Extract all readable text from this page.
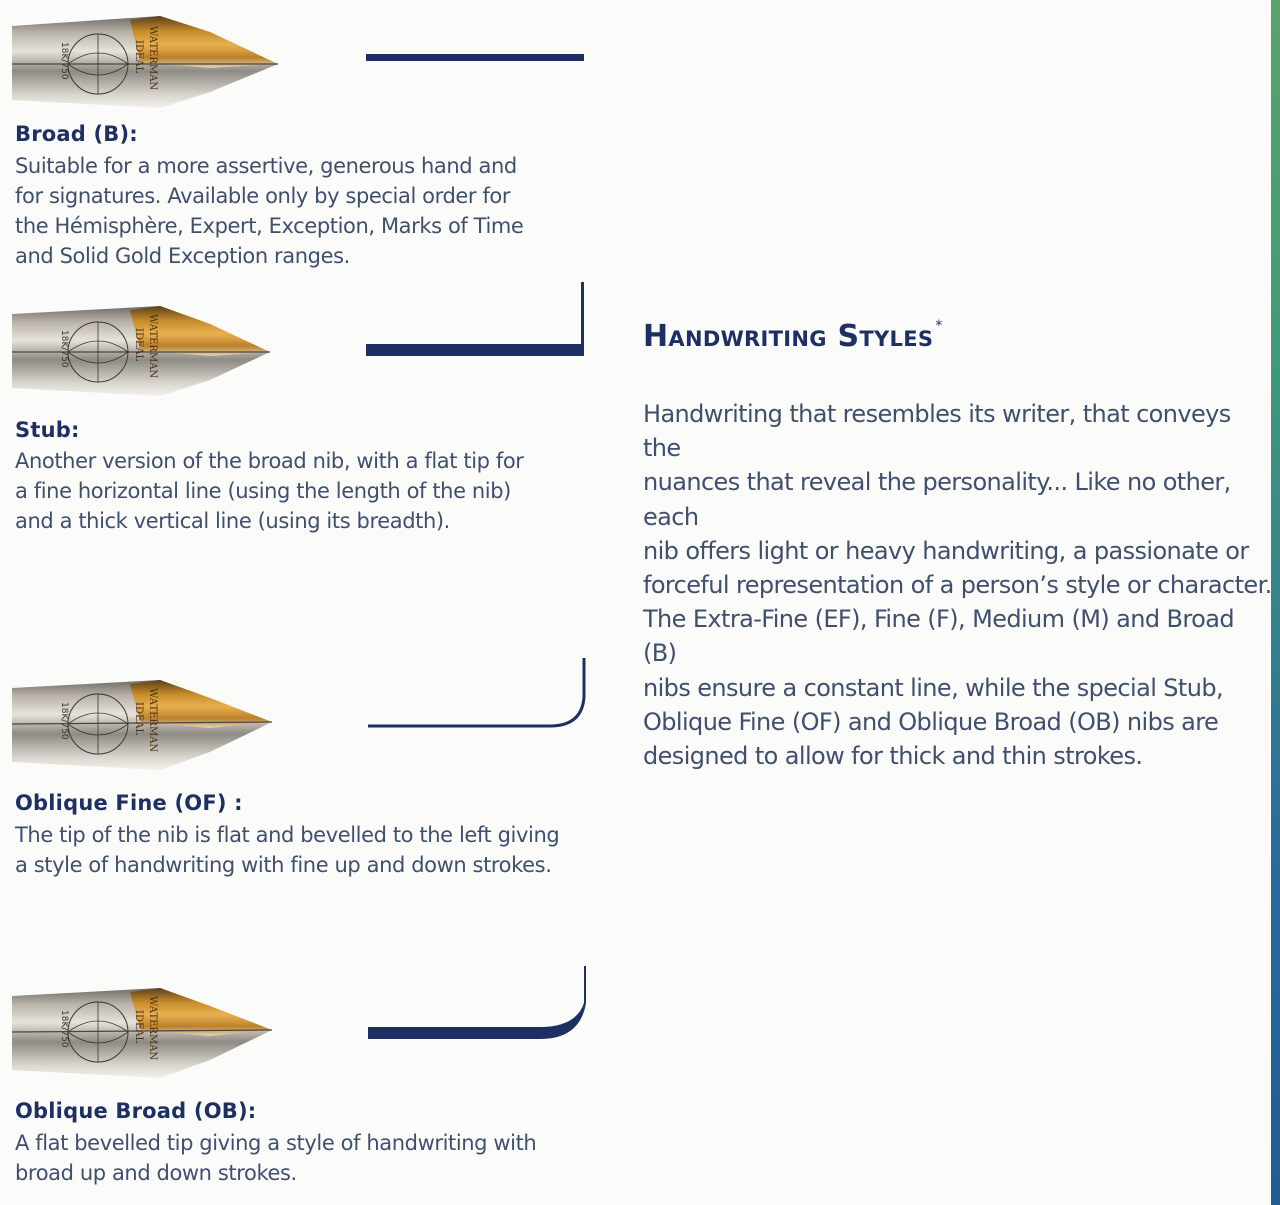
18K/750	WATERMAN
IDEAL
Broad (B):
Suitable for a more assertive, generous hand and
for signatures. Available only by special order for
the Hémisphère, Expert, Exception, Marks of Time
and Solid Gold Exception ranges.
18K/750	WATERMAN
IDEAL
Stub:
Another version of the broad nib, with a flat tip for
a fine horizontal line (using the length of the nib)
and a thick vertical line (using its breadth).
18K/750	WATERMAN
IDEAL
Oblique Fine (OF) :
The tip of the nib is flat and bevelled to the left giving
a style of handwriting with fine up and down strokes.
18K/750	WATERMAN
IDEAL
Oblique Broad (OB):
A flat bevelled tip giving a style of handwriting with
broad up and down strokes.
Handwriting Styles *
Handwriting that resembles its writer, that conveys the
nuances that reveal the personality... Like no other, each
nib offers light or heavy handwriting, a passionate or
forceful representation of a person’s style or character.
The Extra-Fine (EF), Fine (F), Medium (M) and Broad (B)
nibs ensure a constant line, while the special Stub,
Oblique Fine (OF) and Oblique Broad (OB) nibs are
designed to allow for thick and thin strokes.
